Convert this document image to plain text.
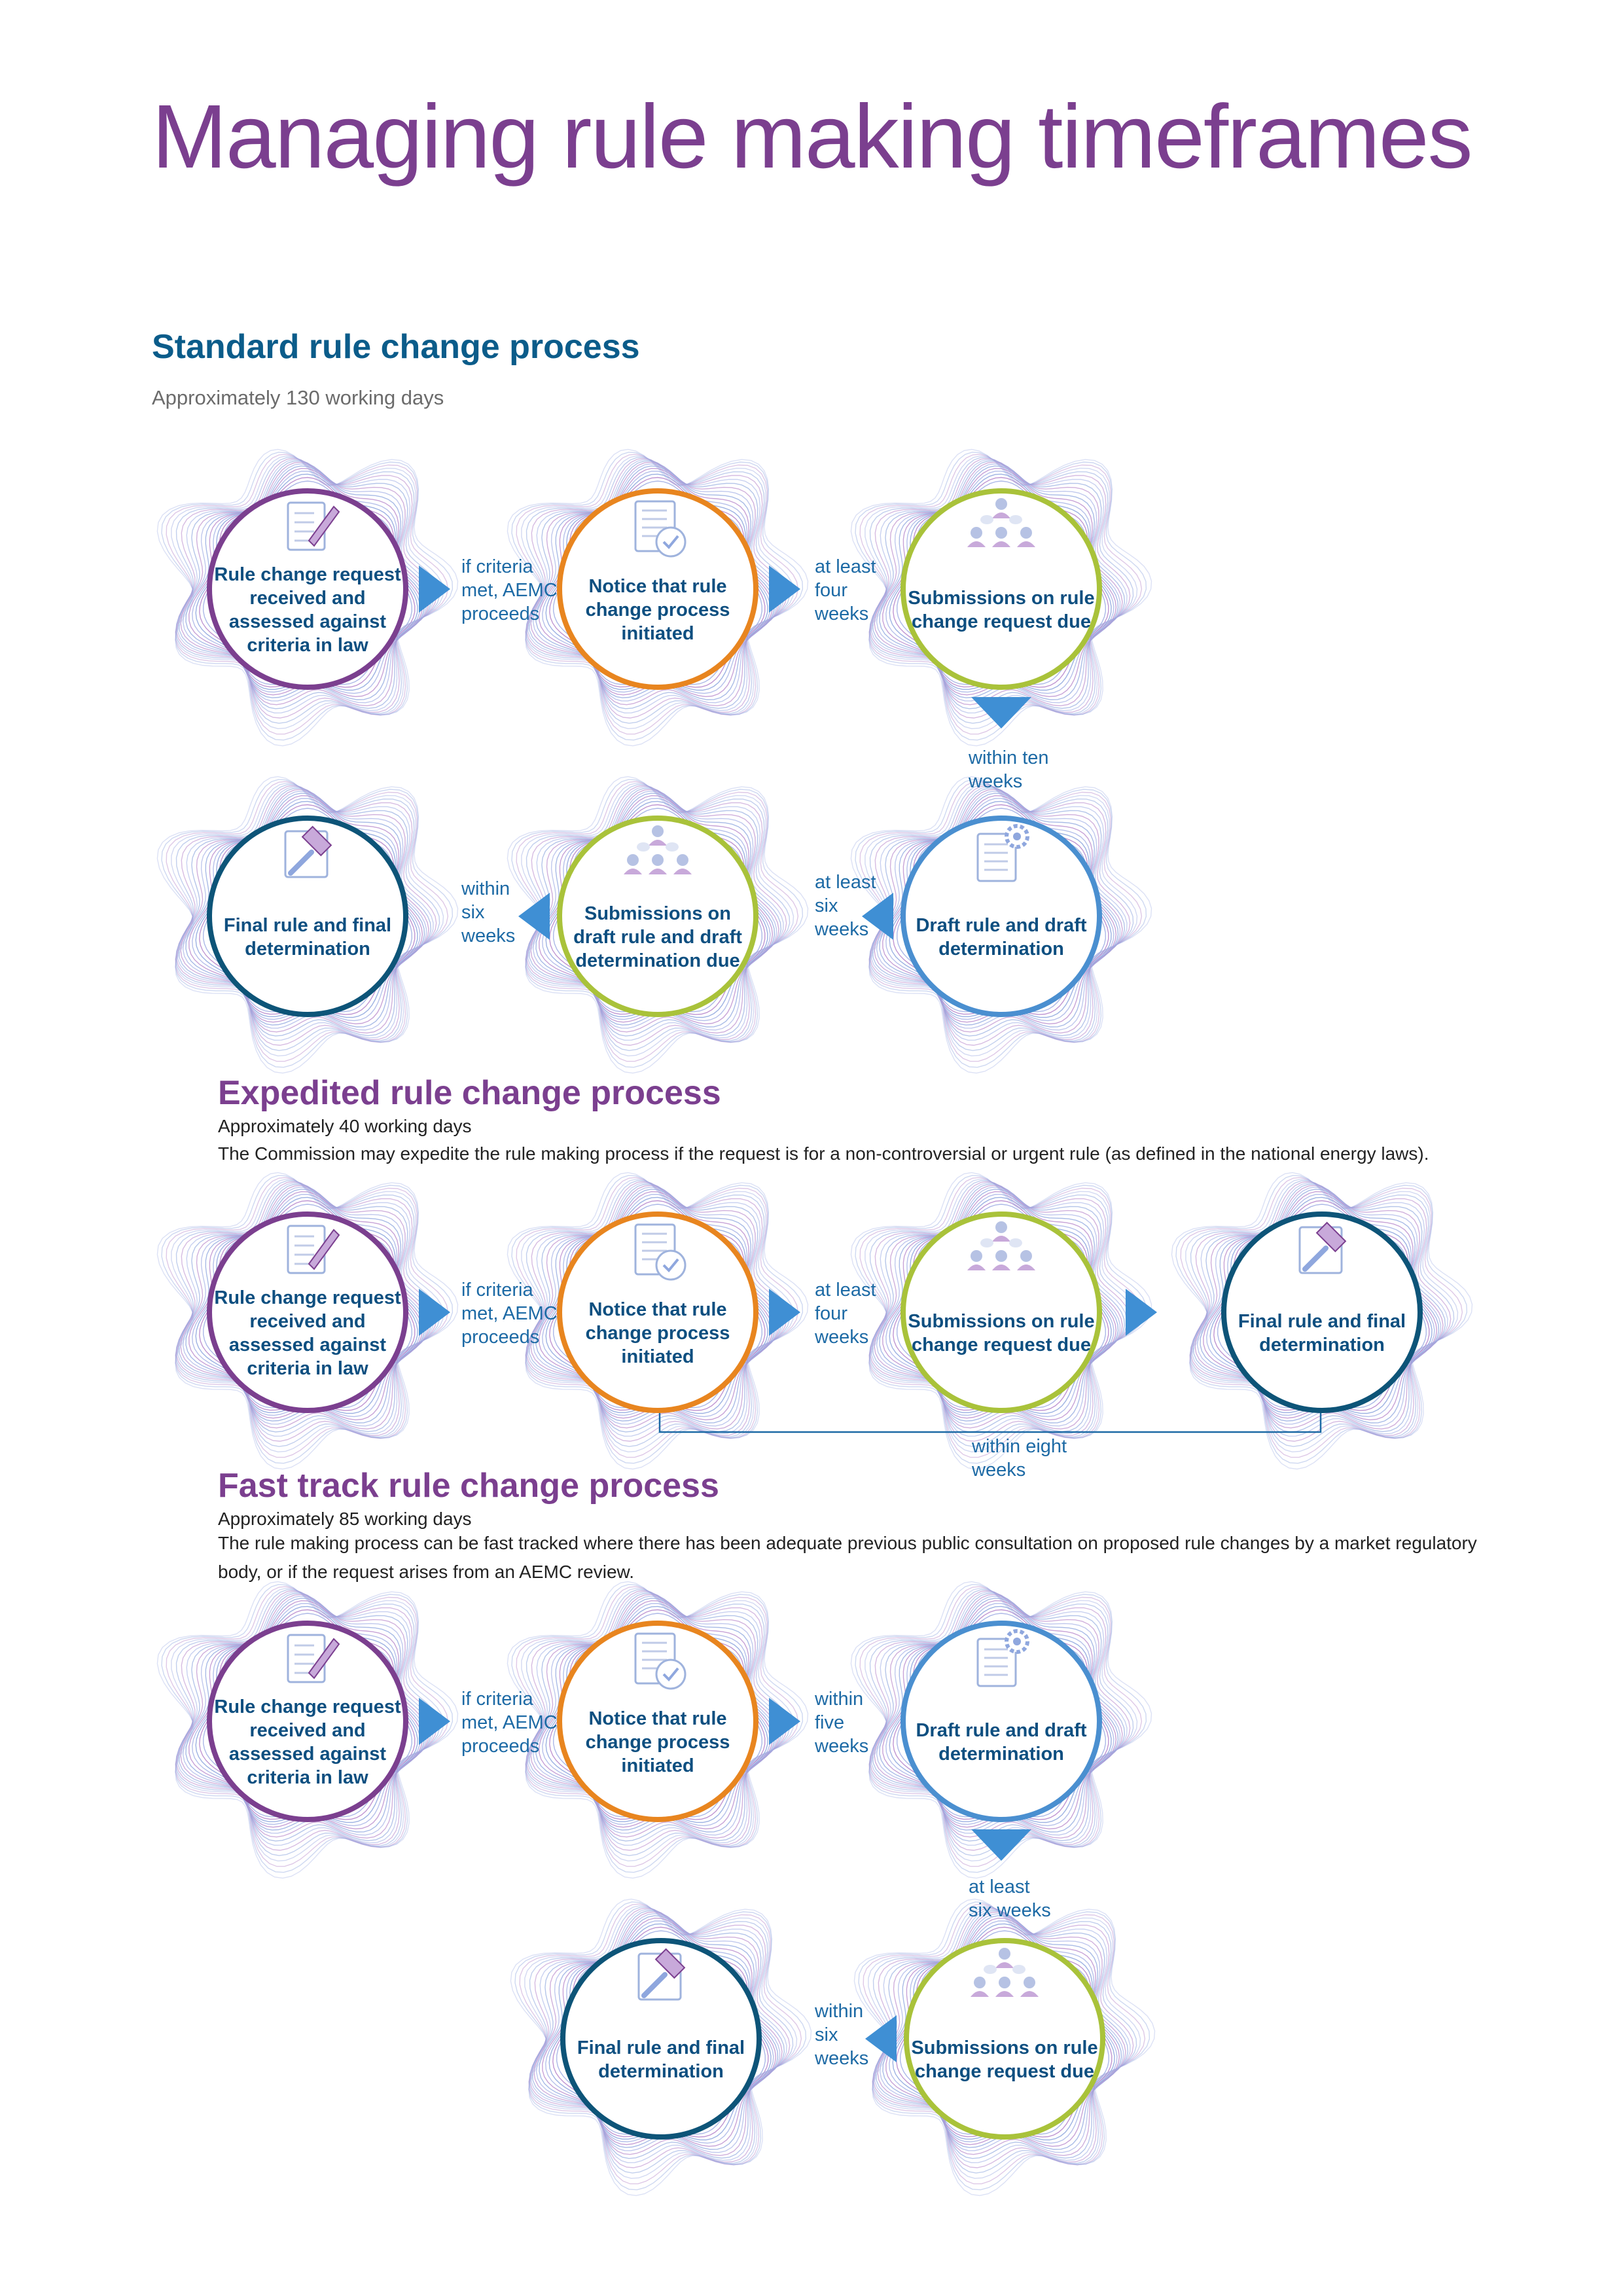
Managing rule making timeframes
Standard rule change process
Approximately 130 working days
Expedited rule change process
Approximately 40 working days
The Commission may expedite the rule making process if the request is for a non-controversial or urgent rule (as defined in the national energy laws).
Fast track rule change process
Approximately 85 working days
The rule making process can be fast tracked where there has been adequate previous public consultation on proposed rule changes by a market regulatory body, or if the request arises from an AEMC review.
Rule change request received and assessed against criteria in law
Notice that rule change process initiated
Submissions on rule change request due
Draft rule and draft determination
Submissions on draft rule and draft determination due
Final rule and final determination
if criteria
met, AEMC
proceeds
at least
four
weeks
within ten
weeks
at least
six
weeks
within
six
weeks
Rule change request received and assessed against criteria in law
Notice that rule change process initiated
Submissions on rule change request due
Final rule and final determination
if criteria
met, AEMC
proceeds
at least
four
weeks
within eight
weeks
Rule change request received and assessed against criteria in law
Notice that rule change process initiated
Draft rule and draft determination
Submissions on rule change request due
Final rule and final determination
if criteria
met, AEMC
proceeds
within
five
weeks
at least
six weeks
within
six
weeks
